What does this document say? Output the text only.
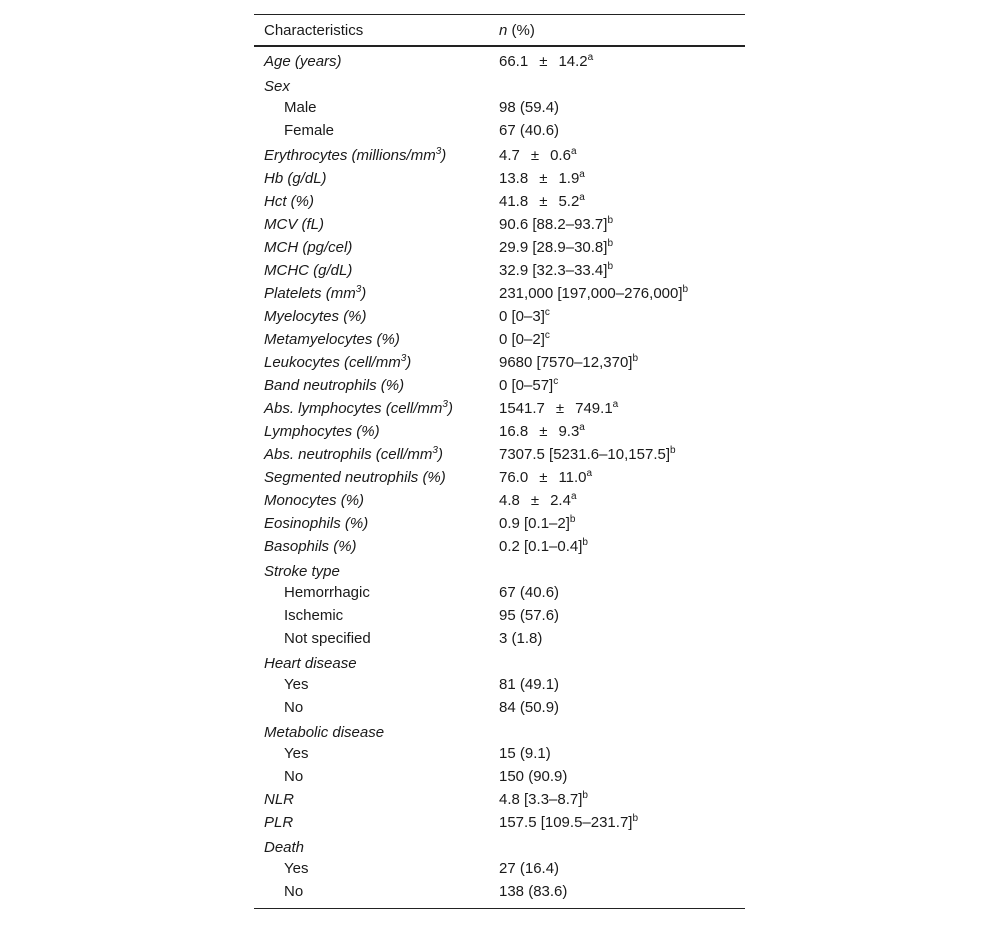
Characteristics	n (%)
Age (years)	66.1 ± 14.2$^a$
Sex
Male	98 (59.4)
Female	67 (40.6)
Erythrocytes $(millions/mm^3)$	4.7 ± 0.6$^a$
Hb (g/dL)	13.8 ± 1.9$^a$
Hct (%)	41.8 ± 5.2$^a$
MCV (fL)	90.6 $[88.2-93.7]^b$
MCH (pg/cel)	29.9 $[28.9-30.8]^b$
MCHC (g/dL)	32.9 $[32.3-33.4]^b$
Platelets $(mm^3)$	231,000 $[197,000-276,000]^b$
Myelocytes (%)	0 $[0-3]^c$
Metamyelocytes (%)	0 $[0-2]^c$
Leukocytes $(cell/mm^3)$	9680 $[7570-12,370]^b$
Band neutrophils (%)	0 $[0-57]^c$
Abs. lymphocytes $(cell/mm^3)$	1541.7 ± 749.1$^a$
Lymphocytes (%)	16.8 ± 9.3$^a$
Abs. neutrophils $(cell/mm^3)$	7307.5 $[5231.6-10,157.5]^b$
Segmented neutrophils (%)	76.0 ± 11.0$^a$
Monocytes (%)	4.8 ± 2.4$^a$
Eosinophils (%)	0.9 $[0.1-2]^b$
Basophils (%)	0.2 $[0.1-0.4]^b$
Stroke type
Hemorrhagic	67 (40.6)
Ischemic	95 (57.6)
Not specified	3 (1.8)
Heart disease
Yes	81 (49.1)
No	84 (50.9)
Metabolic disease
Yes	15 (9.1)
No	150 (90.9)
NLR	4.8 $[3.3-8.7]^b$
PLR	157.5 $[109.5-231.7]^b$
Death
Yes	27 (16.4)
No	138 (83.6)
